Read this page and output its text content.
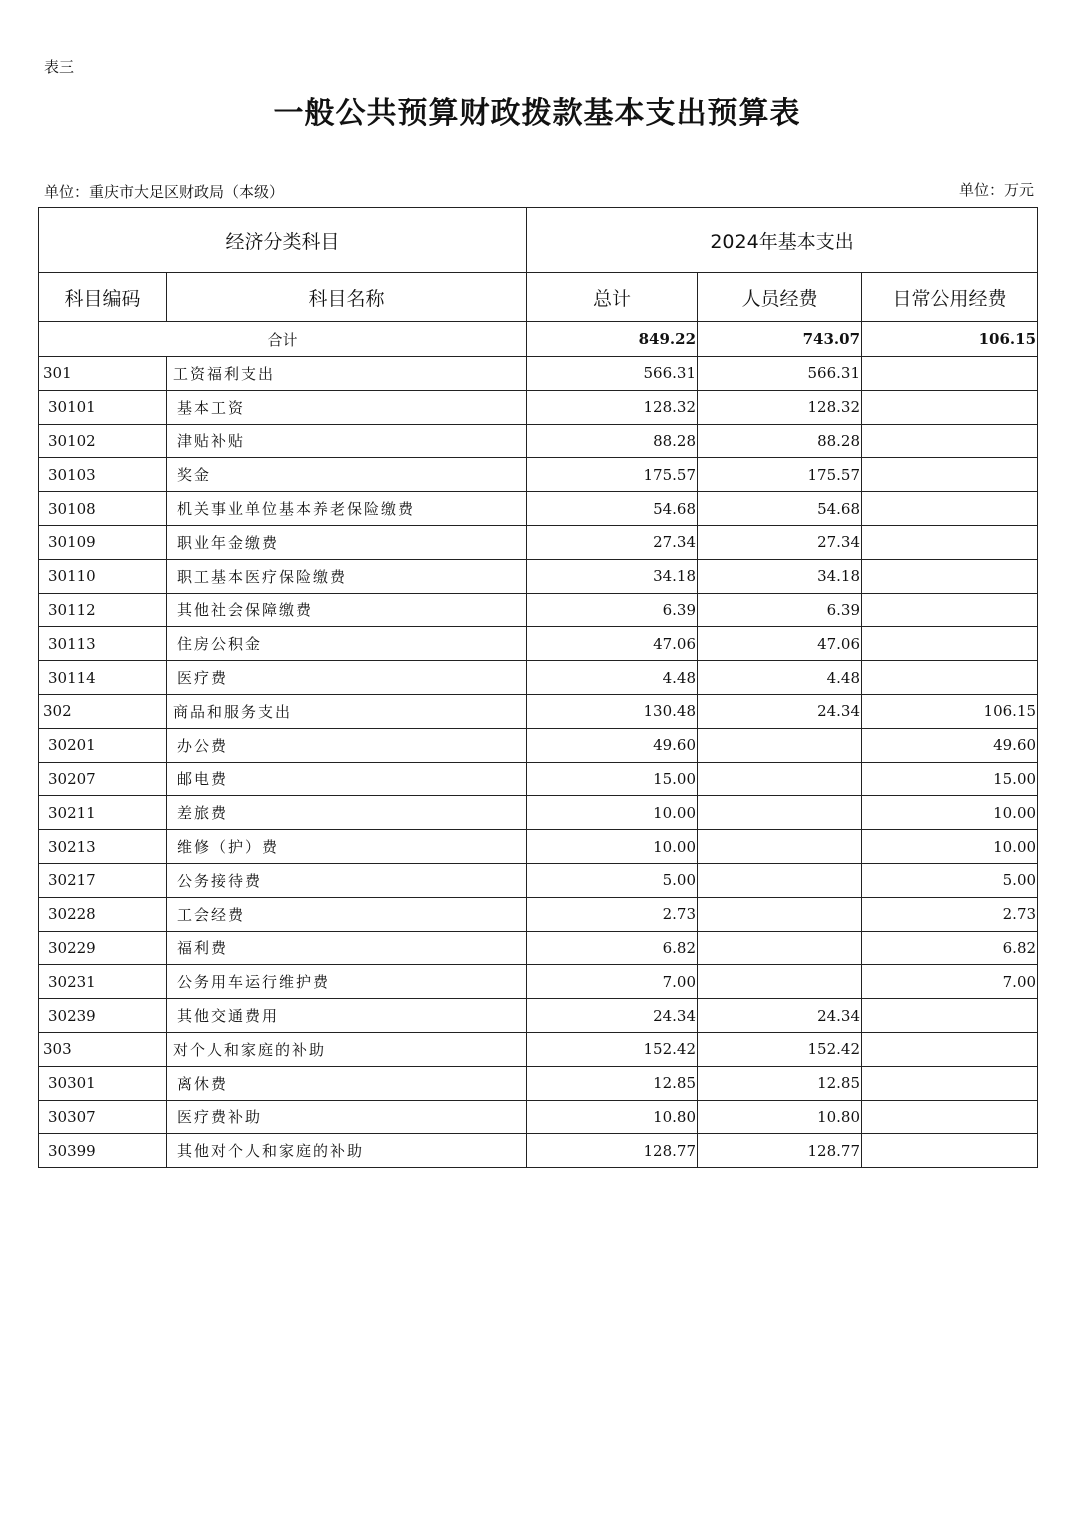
表三
一般公共预算财政拨款基本支出预算表
单位：重庆市大足区财政局（本级）	单位：万元
经济分类科目		2024年基本支出		
科目编码	科目名称	总计	人员经费	日常公用经费
合计		849.22	743.07	106.15
301	工资福利支出	566.31	566.31	
30101	基本工资	128.32	128.32	
30102	津贴补贴	88.28	88.28	
30103	奖金	175.57	175.57	
30108	机关事业单位基本养老保险缴费	54.68	54.68	
30109	职业年金缴费	27.34	27.34	
30110	职工基本医疗保险缴费	34.18	34.18	
30112	其他社会保障缴费	6.39	6.39	
30113	住房公积金	47.06	47.06	
30114	医疗费	4.48	4.48	
302	商品和服务支出	130.48	24.34	106.15
30201	办公费	49.60		49.60
30207	邮电费	15.00		15.00
30211	差旅费	10.00		10.00
30213	维修（护）费	10.00		10.00
30217	公务接待费	5.00		5.00
30228	工会经费	2.73		2.73
30229	福利费	6.82		6.82
30231	公务用车运行维护费	7.00		7.00
30239	其他交通费用	24.34	24.34	
303	对个人和家庭的补助	152.42	152.42	
30301	离休费	12.85	12.85	
30307	医疗费补助	10.80	10.80	
30399	其他对个人和家庭的补助	128.77	128.77	
